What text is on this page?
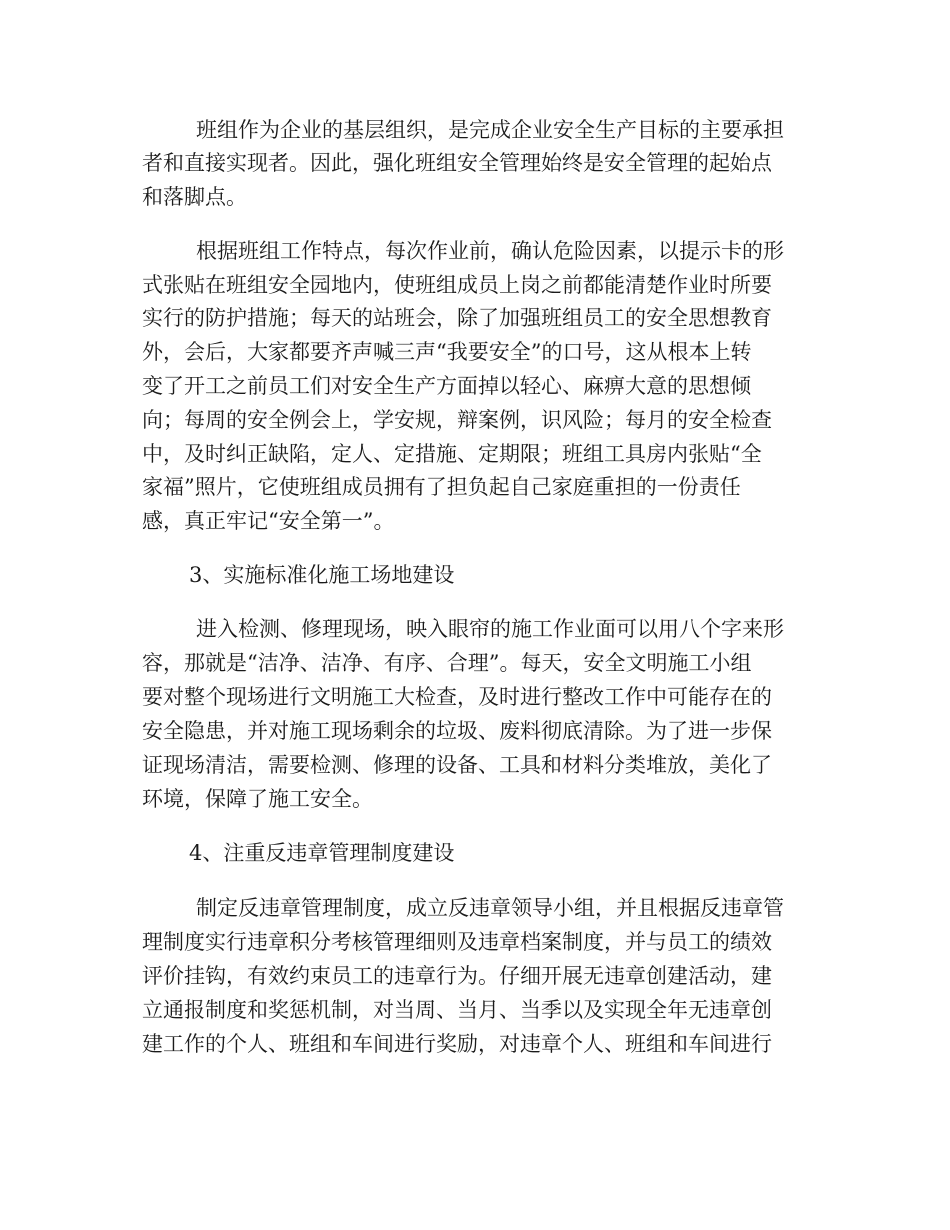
班组作为企业的基层组织，是完成企业安全生产目标的主要承担
者和直接实现者。因此，强化班组安全管理始终是安全管理的起始点
和落脚点。
根据班组工作特点，每次作业前，确认危险因素，以提示卡的形
式张贴在班组安全园地内，使班组成员上岗之前都能清楚作业时所要
实行的防护措施；每天的站班会，除了加强班组员工的安全思想教育
外，会后，大家都要齐声喊三声“我要安全”的口号，这从根本上转
变了开工之前员工们对安全生产方面掉以轻心、麻痹大意的思想倾
向；每周的安全例会上，学安规，辩案例，识风险；每月的安全检查
中，及时纠正缺陷，定人、定措施、定期限；班组工具房内张贴“全
家福”照片，它使班组成员拥有了担负起自己家庭重担的一份责任
感，真正牢记“安全第一”。
3、实施标准化施工场地建设
进入检测、修理现场，映入眼帘的施工作业面可以用八个字来形
容，那就是“洁净、洁净、有序、合理”。每天，安全文明施工小组
要对整个现场进行文明施工大检查，及时进行整改工作中可能存在的
安全隐患，并对施工现场剩余的垃圾、废料彻底清除。为了进一步保
证现场清洁，需要检测、修理的设备、工具和材料分类堆放，美化了
环境，保障了施工安全。
4、注重反违章管理制度建设
制定反违章管理制度，成立反违章领导小组，并且根据反违章管
理制度实行违章积分考核管理细则及违章档案制度，并与员工的绩效
评价挂钩，有效约束员工的违章行为。仔细开展无违章创建活动，建
立通报制度和奖惩机制，对当周、当月、当季以及实现全年无违章创
建工作的个人、班组和车间进行奖励，对违章个人、班组和车间进行
